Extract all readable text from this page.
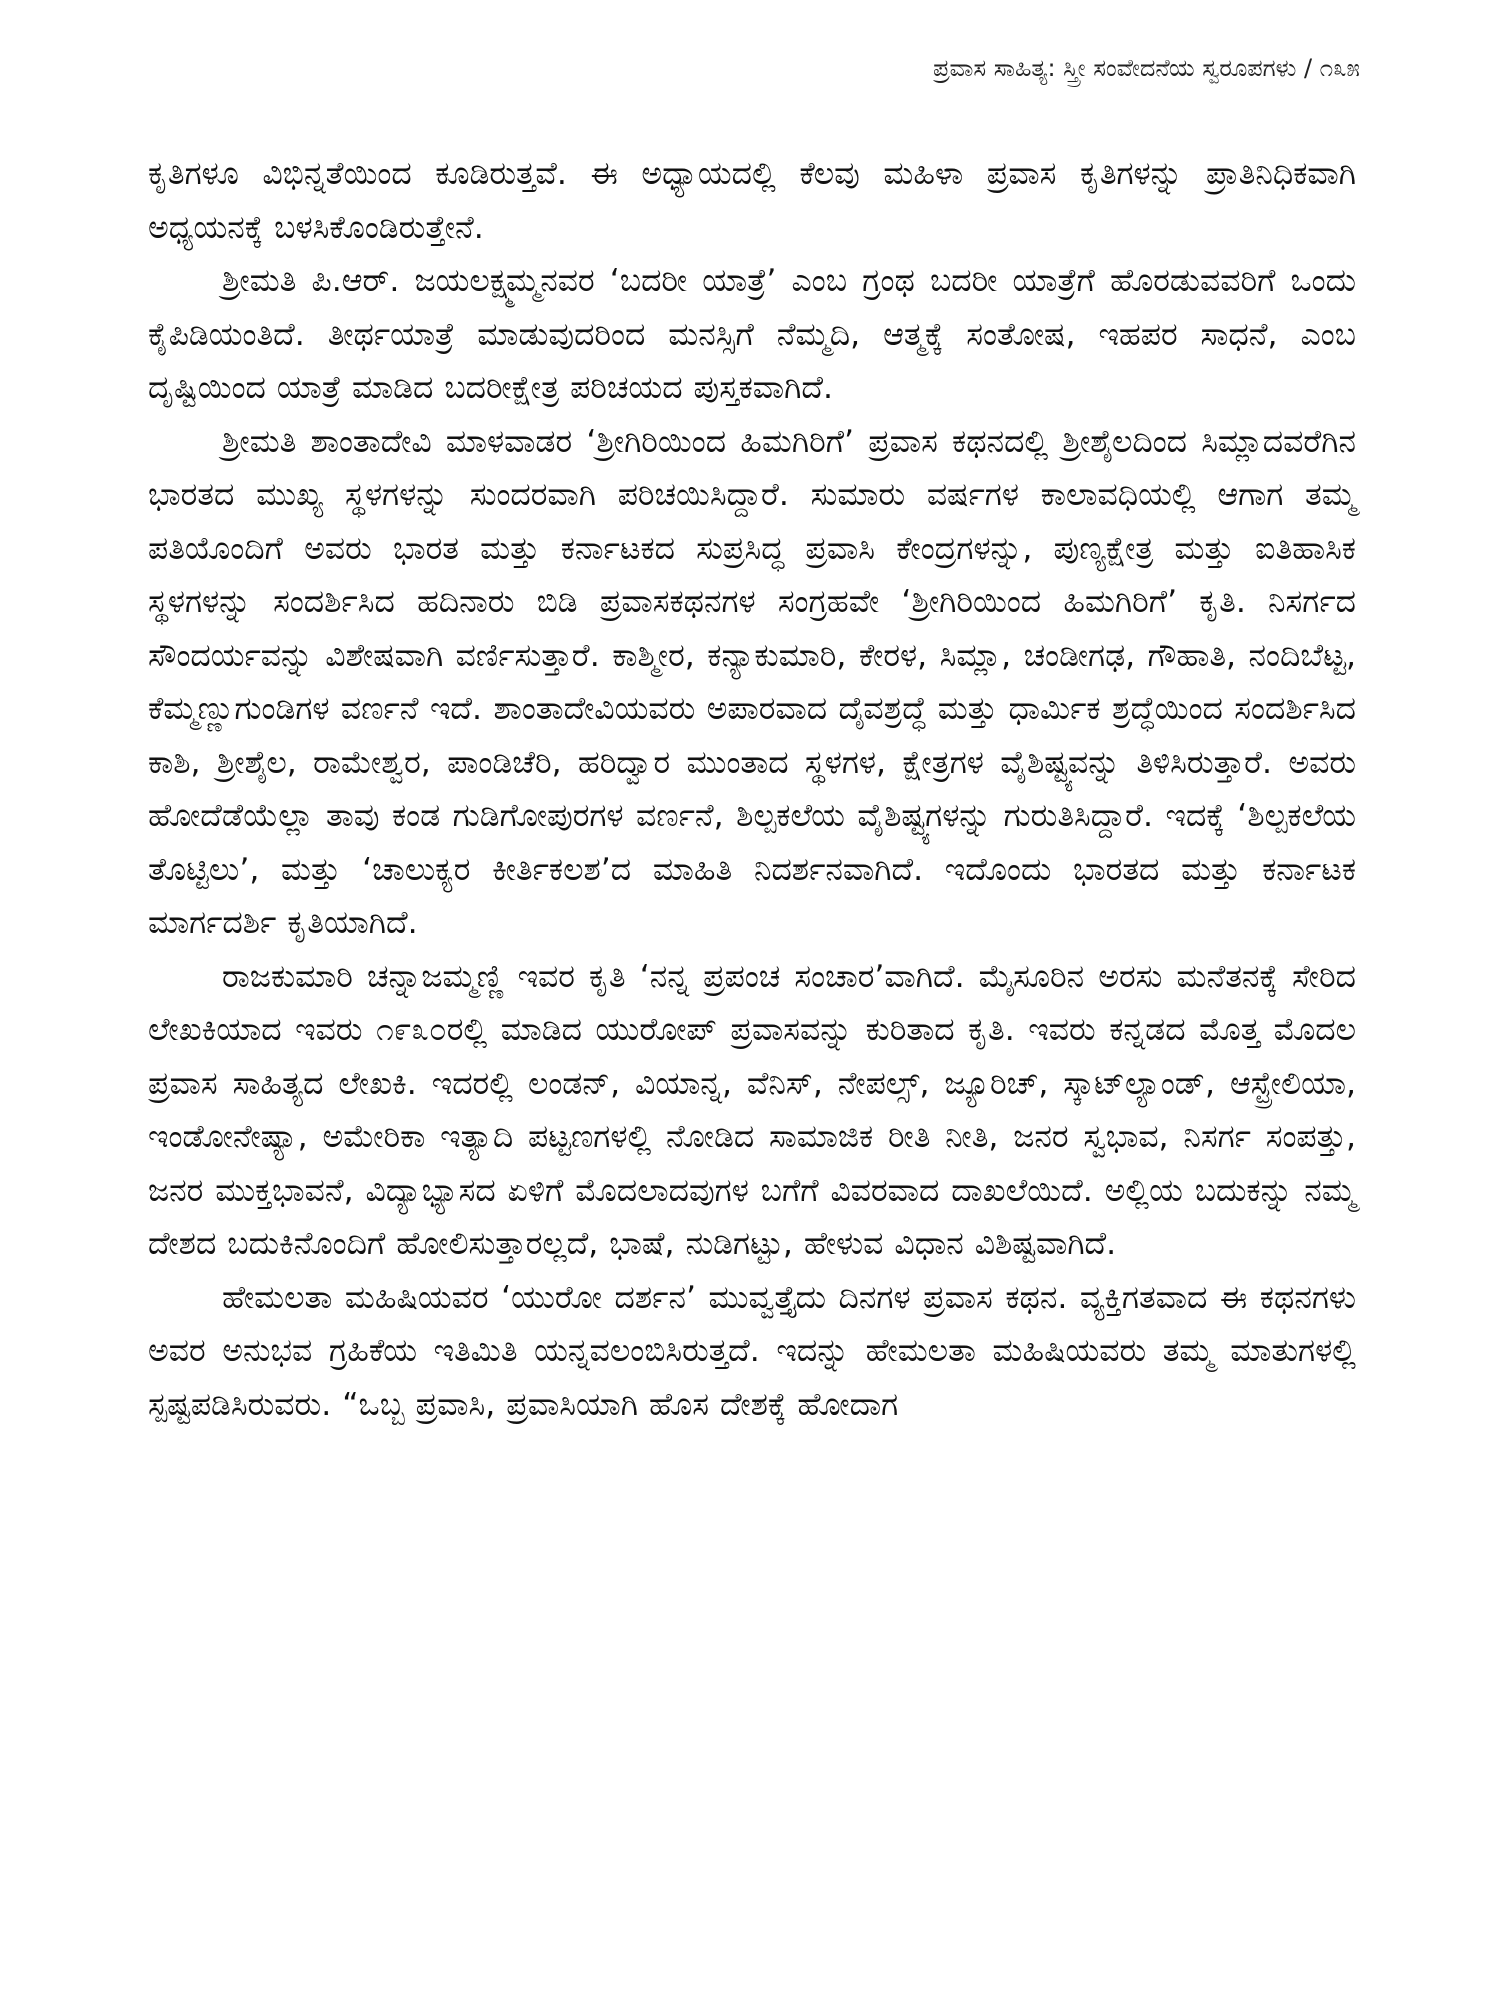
ಪ್ರವಾಸ ಸಾಹಿತ್ಯ: ಸ್ತ್ರೀ ಸಂವೇದನೆಯ ಸ್ವರೂಪಗಳು / ೧೩೫

ಕೃತಿಗಳೂ ವಿಭಿನ್ನತೆಯಿಂದ ಕೂಡಿರುತ್ತವೆ. ಈ ಅಧ್ಯಾಯದಲ್ಲಿ ಕೆಲವು ಮಹಿಳಾ ಪ್ರವಾಸ ಕೃತಿಗಳನ್ನು ಪ್ರಾತಿನಿಧಿಕವಾಗಿ ಅಧ್ಯಯನಕ್ಕೆ ಬಳಸಿಕೊಂಡಿರುತ್ತೇನೆ.

ಶ್ರೀಮತಿ ಪಿ.ಆರ್. ಜಯಲಕ್ಷ್ಮಮ್ಮನವರ ‘ಬದರೀ ಯಾತ್ರೆ’ ಎಂಬ ಗ್ರಂಥ ಬದರೀ ಯಾತ್ರೆಗೆ ಹೊರಡುವವರಿಗೆ ಒಂದು ಕೈಪಿಡಿಯಂತಿದೆ. ತೀರ್ಥಯಾತ್ರೆ ಮಾಡುವುದರಿಂದ ಮನಸ್ಸಿಗೆ ನೆಮ್ಮದಿ, ಆತ್ಮಕ್ಕೆ ಸಂತೋಷ, ಇಹಪರ ಸಾಧನೆ, ಎಂಬ ದೃಷ್ಟಿಯಿಂದ ಯಾತ್ರೆ ಮಾಡಿದ ಬದರೀಕ್ಷೇತ್ರ ಪರಿಚಯದ ಪುಸ್ತಕವಾಗಿದೆ.

ಶ್ರೀಮತಿ ಶಾಂತಾದೇವಿ ಮಾಳವಾಡರ ‘ಶ್ರೀಗಿರಿಯಿಂದ ಹಿಮಗಿರಿಗೆ’ ಪ್ರವಾಸ ಕಥನದಲ್ಲಿ ಶ್ರೀಶೈಲದಿಂದ ಸಿಮ್ಲಾದವರೆಗಿನ ಭಾರತದ ಮುಖ್ಯ ಸ್ಥಳಗಳನ್ನು ಸುಂದರವಾಗಿ ಪರಿಚಯಿಸಿದ್ದಾರೆ. ಸುಮಾರು ವರ್ಷಗಳ ಕಾಲಾವಧಿಯಲ್ಲಿ ಆಗಾಗ ತಮ್ಮ ಪತಿಯೊಂದಿಗೆ ಅವರು ಭಾರತ ಮತ್ತು ಕರ್ನಾಟಕದ ಸುಪ್ರಸಿದ್ಧ ಪ್ರವಾಸಿ ಕೇಂದ್ರಗಳನ್ನು, ಪುಣ್ಯಕ್ಷೇತ್ರ ಮತ್ತು ಐತಿಹಾಸಿಕ ಸ್ಥಳಗಳನ್ನು ಸಂದರ್ಶಿಸಿದ ಹದಿನಾರು ಬಿಡಿ ಪ್ರವಾಸಕಥನಗಳ ಸಂಗ್ರಹವೇ ‘ಶ್ರೀಗಿರಿಯಿಂದ ಹಿಮಗಿರಿಗೆ’ ಕೃತಿ. ನಿಸರ್ಗದ ಸೌಂದರ್ಯವನ್ನು ವಿಶೇಷವಾಗಿ ವರ್ಣಿಸುತ್ತಾರೆ. ಕಾಶ್ಮೀರ, ಕನ್ಯಾಕುಮಾರಿ, ಕೇರಳ, ಸಿಮ್ಲಾ, ಚಂಡೀಗಢ, ಗೌಹಾತಿ, ನಂದಿಬೆಟ್ಟ, ಕೆಮ್ಮಣ್ಣುಗುಂಡಿಗಳ ವರ್ಣನೆ ಇದೆ. ಶಾಂತಾದೇವಿಯವರು ಅಪಾರವಾದ ದೈವಶ್ರದ್ಧೆ ಮತ್ತು ಧಾರ್ಮಿಕ ಶ್ರದ್ಧೆಯಿಂದ ಸಂದರ್ಶಿಸಿದ ಕಾಶಿ, ಶ್ರೀಶೈಲ, ರಾಮೇಶ್ವರ, ಪಾಂಡಿಚೆರಿ, ಹರಿದ್ವಾರ ಮುಂತಾದ ಸ್ಥಳಗಳ, ಕ್ಷೇತ್ರಗಳ ವೈಶಿಷ್ಟ್ಯವನ್ನು ತಿಳಿಸಿರುತ್ತಾರೆ. ಅವರು ಹೋದೆಡೆಯೆಲ್ಲಾ ತಾವು ಕಂಡ ಗುಡಿಗೋಪುರಗಳ ವರ್ಣನೆ, ಶಿಲ್ಪಕಲೆಯ ವೈಶಿಷ್ಟ್ಯಗಳನ್ನು ಗುರುತಿಸಿದ್ದಾರೆ. ಇದಕ್ಕೆ ‘ಶಿಲ್ಪಕಲೆಯ ತೊಟ್ಟಿಲು’, ಮತ್ತು ‘ಚಾಲುಕ್ಯರ ಕೀರ್ತಿಕಲಶ’ದ ಮಾಹಿತಿ ನಿದರ್ಶನವಾಗಿದೆ. ಇದೊಂದು ಭಾರತದ ಮತ್ತು ಕರ್ನಾಟಕ ಮಾರ್ಗದರ್ಶಿ ಕೃತಿಯಾಗಿದೆ.

ರಾಜಕುಮಾರಿ ಚನ್ನಾಜಮ್ಮಣ್ಣಿ ಇವರ ಕೃತಿ ‘ನನ್ನ ಪ್ರಪಂಚ ಸಂಚಾರ’ವಾಗಿದೆ. ಮೈಸೂರಿನ ಅರಸು ಮನೆತನಕ್ಕೆ ಸೇರಿದ ಲೇಖಕಿಯಾದ ಇವರು ೧೯೩೦ರಲ್ಲಿ ಮಾಡಿದ ಯುರೋಪ್ ಪ್ರವಾಸವನ್ನು ಕುರಿತಾದ ಕೃತಿ. ಇವರು ಕನ್ನಡದ ಮೊತ್ತ ಮೊದಲ ಪ್ರವಾಸ ಸಾಹಿತ್ಯದ ಲೇಖಕಿ. ಇದರಲ್ಲಿ ಲಂಡನ್, ವಿಯಾನ್ನ, ವೆನಿಸ್, ನೇಪಲ್ಸ್, ಜ್ಯೂರಿಚ್, ಸ್ಕಾಟ್‌ಲ್ಯಾಂಡ್, ಆಸ್ಟ್ರೇಲಿಯಾ, ಇಂಡೋನೇಷ್ಯಾ, ಅಮೇರಿಕಾ ಇತ್ಯಾದಿ ಪಟ್ಟಣಗಳಲ್ಲಿ ನೋಡಿದ ಸಾಮಾಜಿಕ ರೀತಿ ನೀತಿ, ಜನರ ಸ್ವಭಾವ, ನಿಸರ್ಗ ಸಂಪತ್ತು, ಜನರ ಮುಕ್ತಭಾವನೆ, ವಿದ್ಯಾಭ್ಯಾಸದ ಏಳಿಗೆ ಮೊದಲಾದವುಗಳ ಬಗೆಗೆ ವಿವರವಾದ ದಾಖಲೆಯಿದೆ. ಅಲ್ಲಿಯ ಬದುಕನ್ನು ನಮ್ಮ ದೇಶದ ಬದುಕಿನೊಂದಿಗೆ ಹೋಲಿಸುತ್ತಾರಲ್ಲದೆ, ಭಾಷೆ, ನುಡಿಗಟ್ಟು, ಹೇಳುವ ವಿಧಾನ ವಿಶಿಷ್ಟವಾಗಿದೆ.

ಹೇಮಲತಾ ಮಹಿಷಿಯವರ ‘ಯುರೋ ದರ್ಶನ’ ಮುವ್ವತ್ತೈದು ದಿನಗಳ ಪ್ರವಾಸ ಕಥನ. ವ್ಯಕ್ತಿಗತವಾದ ಈ ಕಥನಗಳು ಅವರ ಅನುಭವ ಗ್ರಹಿಕೆಯ ಇತಿಮಿತಿ ಯನ್ನವಲಂಬಿಸಿರುತ್ತದೆ. ಇದನ್ನು ಹೇಮಲತಾ ಮಹಿಷಿಯವರು ತಮ್ಮ ಮಾತುಗಳಲ್ಲಿ ಸ್ಪಷ್ಟಪಡಿಸಿರುವರು. “ಒಬ್ಬ ಪ್ರವಾಸಿ, ಪ್ರವಾಸಿಯಾಗಿ ಹೊಸ ದೇಶಕ್ಕೆ ಹೋದಾಗ
